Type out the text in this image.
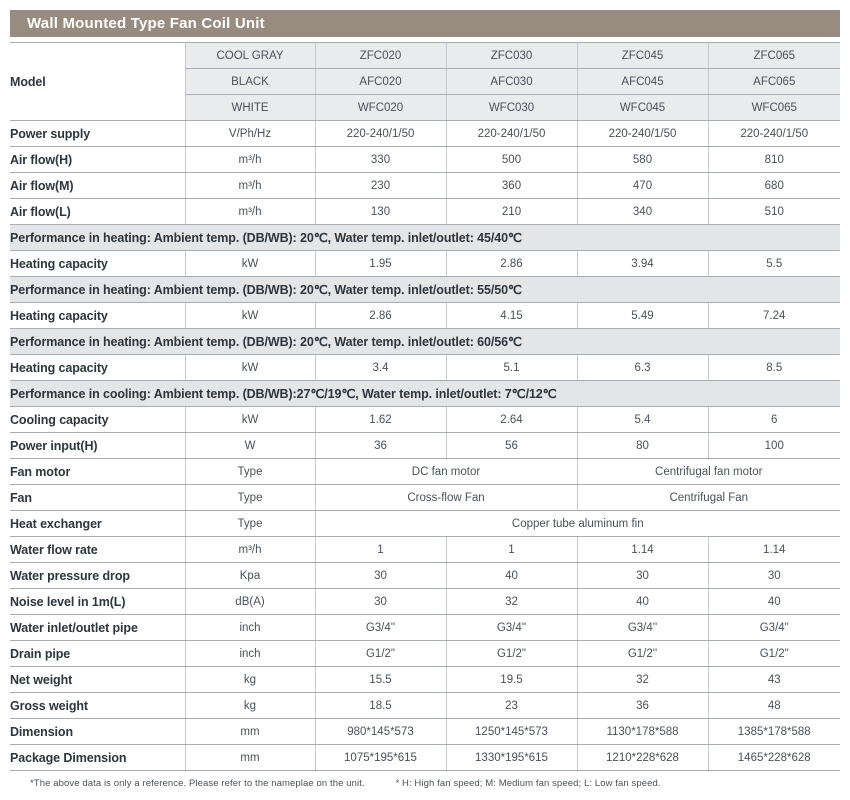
Wall Mounted Type Fan Coil Unit
Model	COOL GRAY	ZFC020	ZFC030	ZFC045	ZFC065
	BLACK	AFC020	AFC030	AFC045	AFC065
	WHITE	WFC020	WFC030	WFC045	WFC065
Power supply	V/Ph/Hz	220-240/1/50	220-240/1/50	220-240/1/50	220-240/1/50
Air flow(H)	m³/h	330	500	580	810
Air flow(M)	m³/h	230	360	470	680
Air flow(L)	m³/h	130	210	340	510
Performance in heating: Ambient temp. (DB/WB): 20℃, Water temp. inlet/outlet: 45/40℃					
Heating capacity	kW	1.95	2.86	3.94	5.5
Performance in heating: Ambient temp. (DB/WB): 20℃, Water temp. inlet/outlet: 55/50℃					
Heating capacity	kW	2.86	4.15	5.49	7.24
Performance in heating: Ambient temp. (DB/WB): 20℃, Water temp. inlet/outlet: 60/56℃					
Heating capacity	kW	3.4	5.1	6.3	8.5
Performance in cooling: Ambient temp. (DB/WB):27℃/19℃, Water temp. inlet/outlet: 7℃/12℃					
Cooling capacity	kW	1.62	2.64	5.4	6
Power input(H)	W	36	56	80	100
Fan motor	Type	DC fan motor		Centrifugal fan motor	
Fan	Type	Cross-flow Fan		Centrifugal Fan	
Heat exchanger	Type	Copper tube aluminum fin			
Water flow rate	m³/h	1	1	1.14	1.14
Water pressure drop	Kpa	30	40	30	30
Noise level in 1m(L)	dB(A)	30	32	40	40
Water inlet/outlet pipe	inch	G3/4''	G3/4''	G3/4''	G3/4"
Drain pipe	inch	G1/2"	G1/2"	G1/2''	G1/2"
Net weight	kg	15.5	19.5	32	43
Gross weight	kg	18.5	23	36	48
Dimension	mm	980*145*573	1250*145*573	1130*178*588	1385*178*588
Package Dimension	mm	1075*195*615	1330*195*615	1210*228*628	1465*228*628
*The above data is only a reference. Please refer to the nameplae on the unit.	* H: High fan speed; M: Medium fan speed; L: Low fan speed.
